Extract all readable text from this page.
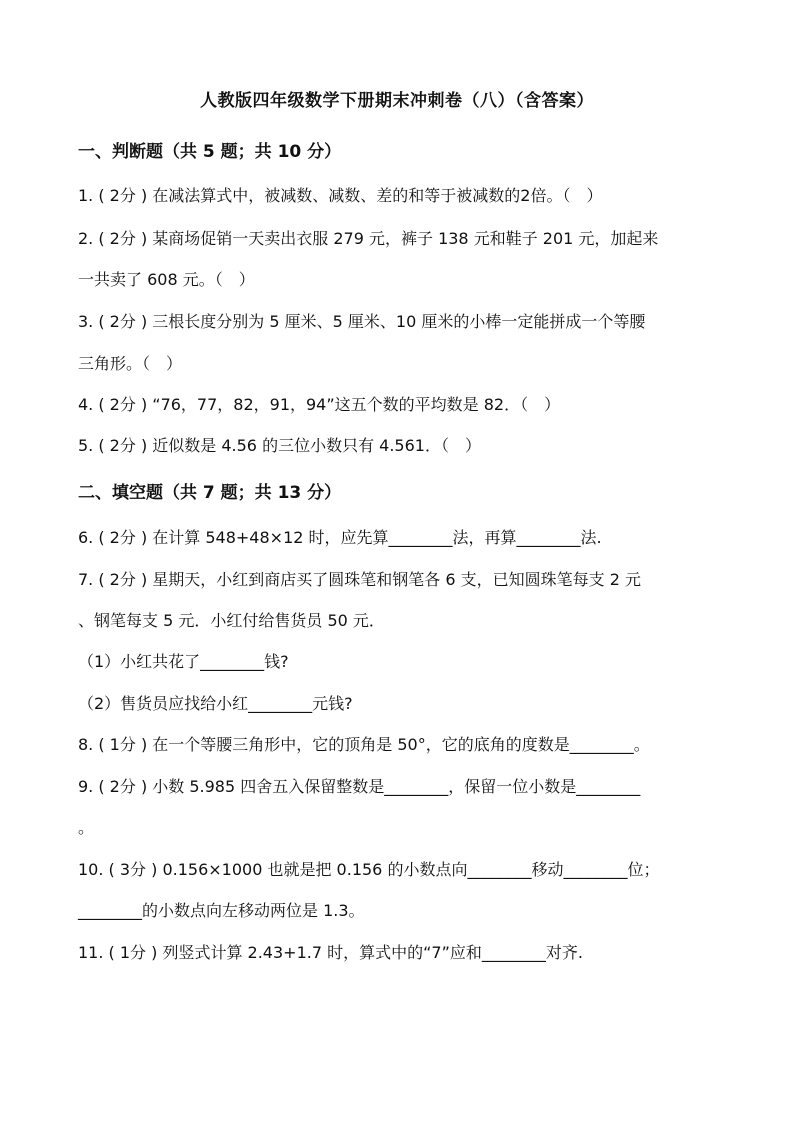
人教版四年级数学下册期末冲刺卷（八）（含答案）
一、判断题（共 5 题；共 10 分）
1. ( 2分 ) 在减法算式中，被减数、减数、差的和等于被减数的2倍。（　）
2. ( 2分 ) 某商场促销一天卖出衣服 279 元，裤子 138 元和鞋子 201 元，加起来
一共卖了 608 元。（　）
3. ( 2分 ) 三根长度分别为 5 厘米、5 厘米、10 厘米的小棒一定能拼成一个等腰
三角形。（　）
4. ( 2分 ) “76，77，82，91，94”这五个数的平均数是 82．（　）
5. ( 2分 ) 近似数是 4.56 的三位小数只有 4.561．（　）
二、填空题（共 7 题；共 13 分）
6. ( 2分 ) 在计算 548+48×12 时，应先算________法，再算________法.
7. ( 2分 ) 星期天，小红到商店买了圆珠笔和钢笔各 6 支，已知圆珠笔每支 2 元
、钢笔每支 5 元．小红付给售货员 50 元．
（1）小红共花了________钱?
（2）售货员应找给小红________元钱?
8. ( 1分 ) 在一个等腰三角形中，它的顶角是 50°，它的底角的度数是________。
9. ( 2分 ) 小数 5.985 四舍五入保留整数是________，保留一位小数是________
。
10. ( 3分 ) 0.156×1000 也就是把 0.156 的小数点向________移动________位；
________的小数点向左移动两位是 1.3。
11. ( 1分 ) 列竖式计算 2.43+1.7 时，算式中的“7”应和________对齐.
